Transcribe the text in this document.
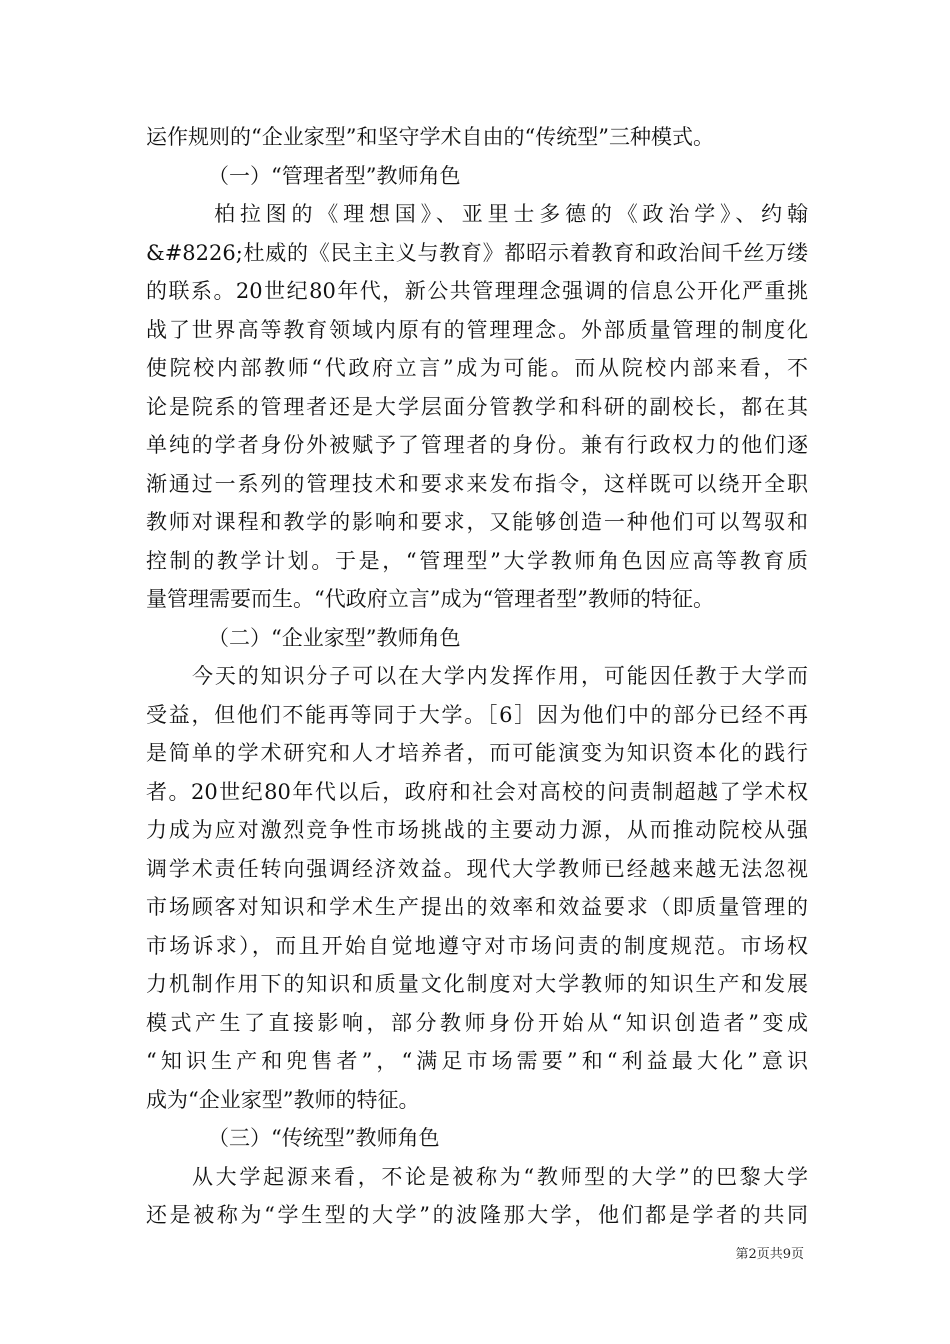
运作规则的“企业家型”和坚守学术自由的“传统型”三种模式。
（一）“管理者型”教师角色
柏拉图的《理想国》、亚里士多德的《政治学》、约翰
&#8226;杜威的《民主主义与教育》都昭示着教育和政治间千丝万缕
的联系。20世纪80年代，新公共管理理念强调的信息公开化严重挑
战了世界高等教育领域内原有的管理理念。外部质量管理的制度化
使院校内部教师“代政府立言”成为可能。而从院校内部来看，不
论是院系的管理者还是大学层面分管教学和科研的副校长，都在其
单纯的学者身份外被赋予了管理者的身份。兼有行政权力的他们逐
渐通过一系列的管理技术和要求来发布指令，这样既可以绕开全职
教师对课程和教学的影响和要求，又能够创造一种他们可以驾驭和
控制的教学计划。于是，“管理型”大学教师角色因应高等教育质
量管理需要而生。“代政府立言”成为“管理者型”教师的特征。
（二）“企业家型”教师角色
今天的知识分子可以在大学内发挥作用，可能因任教于大学而
受益，但他们不能再等同于大学。［6］因为他们中的部分已经不再
是简单的学术研究和人才培养者，而可能演变为知识资本化的践行
者。20世纪80年代以后，政府和社会对高校的问责制超越了学术权
力成为应对激烈竞争性市场挑战的主要动力源，从而推动院校从强
调学术责任转向强调经济效益。现代大学教师已经越来越无法忽视
市场顾客对知识和学术生产提出的效率和效益要求（即质量管理的
市场诉求），而且开始自觉地遵守对市场问责的制度规范。市场权
力机制作用下的知识和质量文化制度对大学教师的知识生产和发展
模式产生了直接影响，部分教师身份开始从“知识创造者”变成
“知识生产和兜售者”，“满足市场需要”和“利益最大化”意识
成为“企业家型”教师的特征。
（三）“传统型”教师角色
从大学起源来看，不论是被称为“教师型的大学”的巴黎大学
还是被称为“学生型的大学”的波隆那大学，他们都是学者的共同
第2页共9页
